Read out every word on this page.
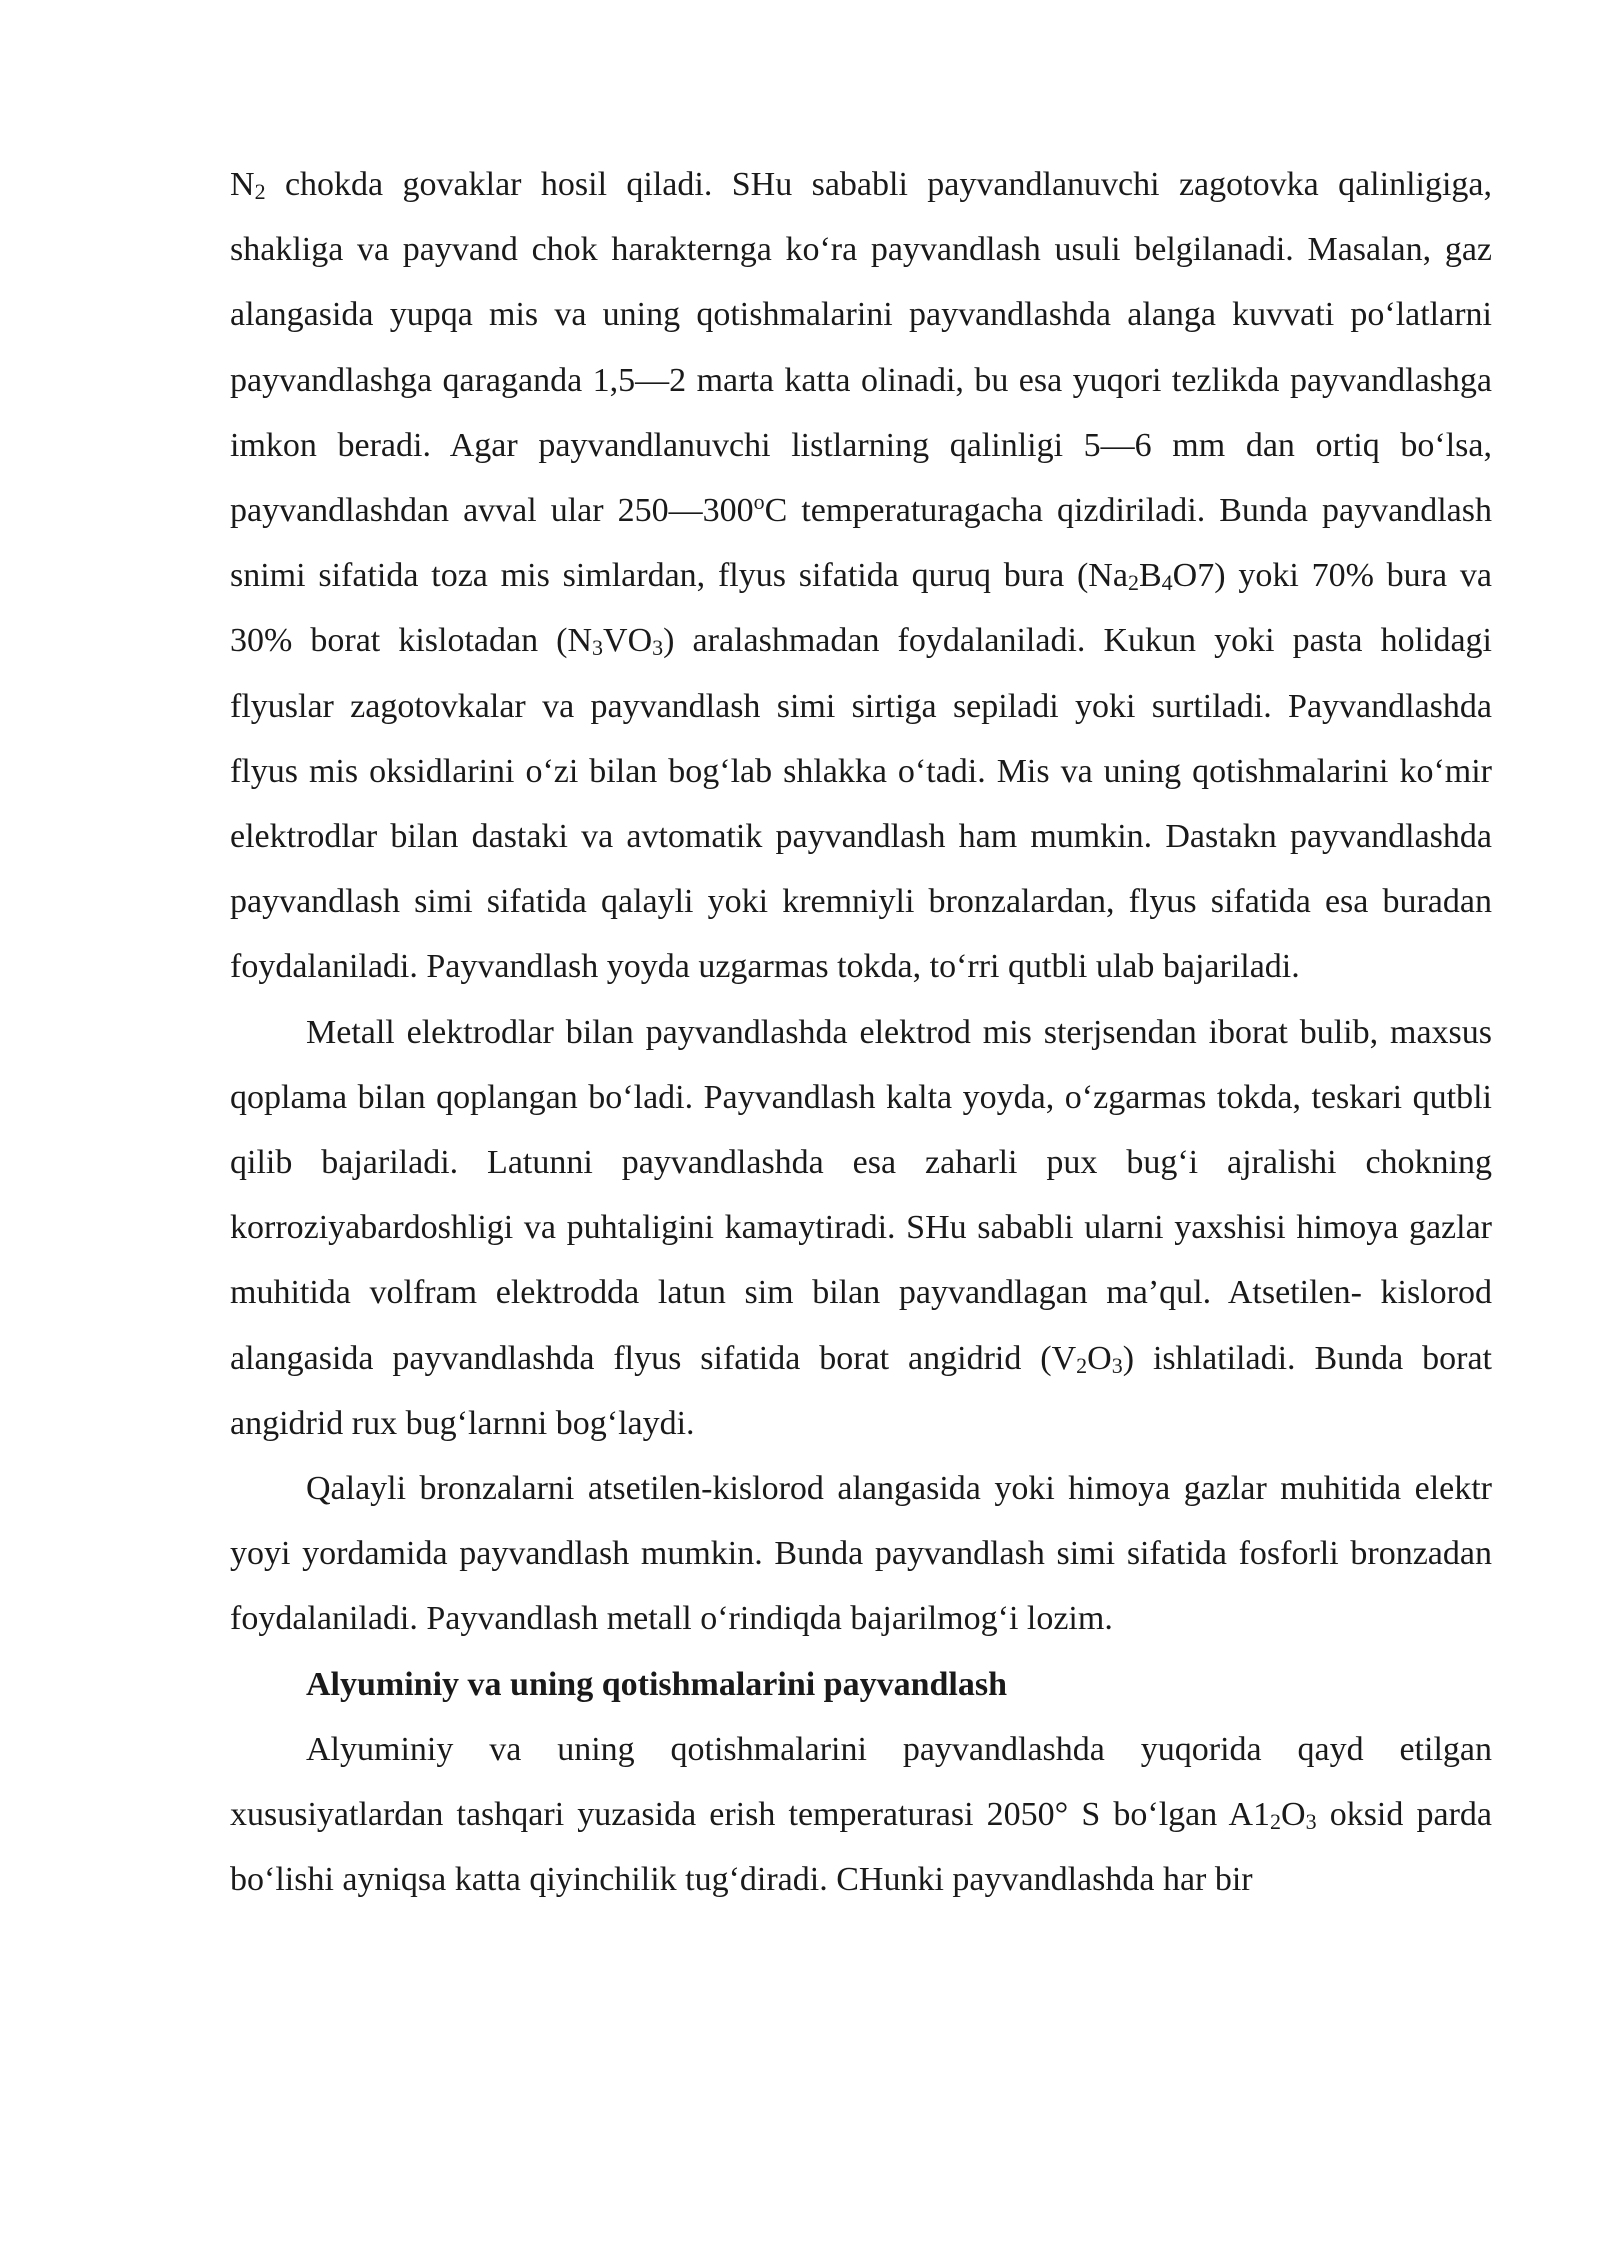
$N_2$ chokda govaklar hosil qiladi. SHu sababli payvandlanuvchi zagotovka qalinligiga, shakliga va payvand chok harakternga ko‘ra payvandlash usuli belgilanadi. Masalan, gaz alangasida yupqa mis va uning qotishmalarini payvandlashda alanga kuvvati po‘latlarni payvandlashga qaraganda 1,5—2 marta katta olinadi, bu esa yuqori tezlikda payvandlashga imkon beradi. Agar payvandlanuvchi listlarning qalinligi 5—6 mm dan ortiq bo‘lsa, payvandlashdan avval ular 250—300$^o$C temperaturagacha qizdiriladi. Bunda payvandlash snimi sifatida toza mis simlardan, flyus sifatida quruq bura $(Na_2B_4O7)$ yoki 70% bura va 30% borat kislotadan $(N_3VO_3)$ aralashmadan foydalaniladi. Kukun yoki pasta holidagi flyuslar zagotovkalar va payvandlash simi sirtiga sepiladi yoki surtiladi. Payvandlashda flyus mis oksidlarini o‘zi bilan bog‘lab shlakka o‘tadi. Mis va uning qotishmalarini ko‘mir elektrodlar bilan dastaki va avtomatik payvandlash ham mumkin. Dastakn payvandlashda payvandlash simi sifatida qalayli yoki kremniyli bronzalardan, flyus sifatida esa buradan foydalaniladi. Payvandlash yoyda uzgarmas tokda, to‘rri qutbli ulab bajariladi.

Metall elektrodlar bilan payvandlashda elektrod mis sterjsendan iborat bulib, maxsus qoplama bilan qoplangan bo‘ladi. Payvandlash kalta yoyda, o‘zgarmas tokda, teskari qutbli qilib bajariladi. Latunni payvandlashda esa zaharli pux bug‘i ajralishi chokning korroziyabardoshligi va puhtaligini kamaytiradi. SHu sababli ularni yaxshisi himoya gazlar muhitida volfram elektrodda latun sim bilan payvandlagan ma’qul. Atsetilen- kislorod alangasida payvandlashda flyus sifatida borat angidrid $(V_2O_3)$ ishlatiladi. Bunda borat angidrid rux bug‘larnni bog‘laydi.

Qalayli bronzalarni atsetilen-kislorod alangasida yoki himoya gazlar muhitida elektr yoyi yordamida payvandlash mumkin. Bunda payvandlash simi sifatida fosforli bronzadan foydalaniladi. Payvandlash metall o‘rindiqda bajarilmog‘i lozim.

Alyuminiy va uning qotishmalarini payvandlash

Alyuminiy va uning qotishmalarini payvandlashda yuqorida qayd etilgan xususiyatlardan tashqari yuzasida erish temperaturasi 2050° S bo‘lgan $A1_2O_3$ oksid parda bo‘lishi ayniqsa katta qiyinchilik tug‘diradi. CHunki payvandlashda har bir
